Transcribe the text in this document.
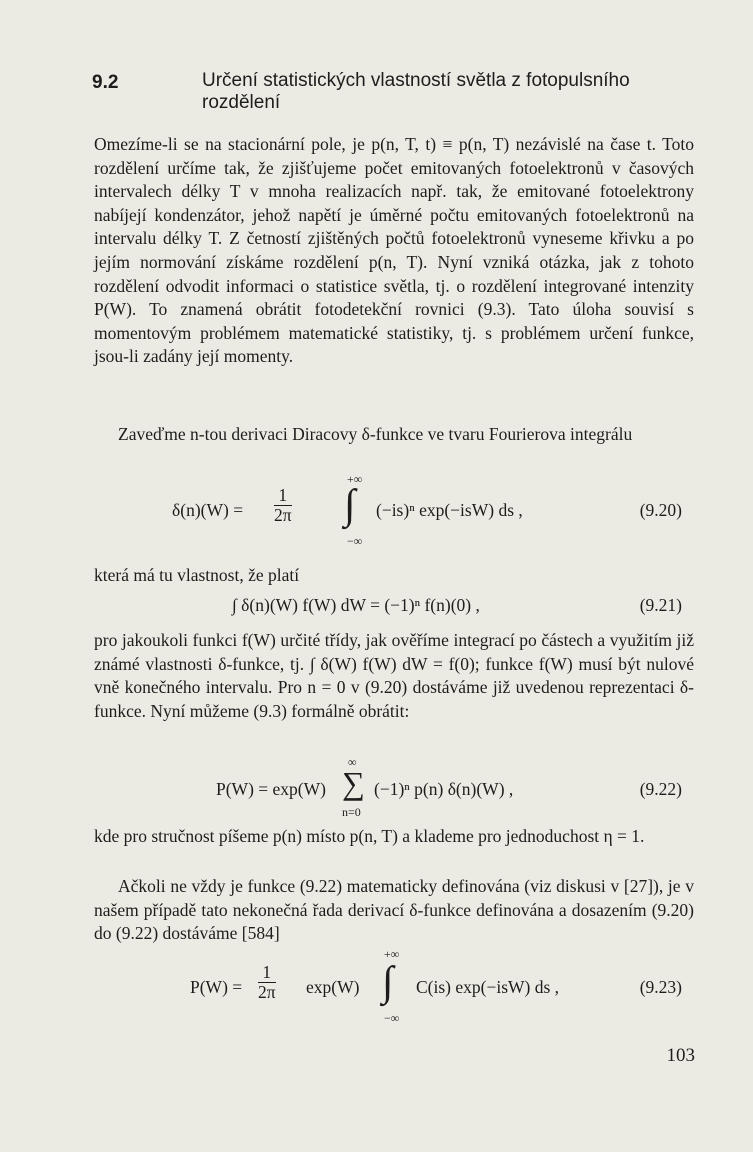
9.2	Určení statistických vlastností světla z fotopulsního
rozdělení
Omezíme-li se na stacionární pole, je p(n, T, t) ≡ p(n, T) nezávislé na čase t. Toto rozdělení určíme tak, že zjišťujeme počet emitovaných fotoelektronů v časových intervalech délky T v mnoha realizacích např. tak, že emitované fotoelektrony nabíjejí kondenzátor, jehož napětí je úměrné počtu emitovaných fotoelektronů na intervalu délky T. Z četností zjištěných počtů fotoelektronů vyneseme křivku a po jejím normování získáme rozdělení p(n, T). Nyní vzniká otázka, jak z tohoto rozdělení odvodit informaci o statistice světla, tj. o rozdělení integrované intenzity P(W). To znamená obrátit fotodetekční rovnici (9.3). Tato úloha souvisí s momentovým problémem matematické statistiky, tj. s problémem určení funkce, jsou-li zadány její momenty.
Zaveďme n-tou derivaci Diracovy δ-funkce ve tvaru Fourierova integrálu
$\delta(n)(W) = \frac{1}{2\pi}$
+∞
∫
−∞
(−is)ⁿ exp(−isW) ds ,	(9.20)
která má tu vlastnost, že platí
∫ δ(n)(W) f(W) dW = (−1)ⁿ f(n)(0) ,	(9.21)
pro jakoukoli funkci f(W) určité třídy, jak ověříme integrací po částech a využitím již známé vlastnosti δ-funkce, tj. ∫ δ(W) f(W) dW = f(0); funkce f(W) musí být nulové vně konečného intervalu. Pro n = 0 v (9.20) dostáváme již uvedenou reprezentaci δ-funkce. Nyní můžeme (9.3) formálně obrátit:
P(W) = exp(W)
∞
∑
n=0
(−1)ⁿ p(n) δ(n)(W) ,	(9.22)
kde pro stručnost píšeme p(n) místo p(n, T) a klademe pro jednoduchost η = 1.
Ačkoli ne vždy je funkce (9.22) matematicky definována (viz diskusi v [27]), je v našem případě tato nekonečná řada derivací δ-funkce definována a dosazením (9.20) do (9.22) dostáváme [584]
$P(W) = \frac{1}{2\pi} \exp(W)$
+∞
∫
−∞
C(is) exp(−isW) ds ,	(9.23)
103
